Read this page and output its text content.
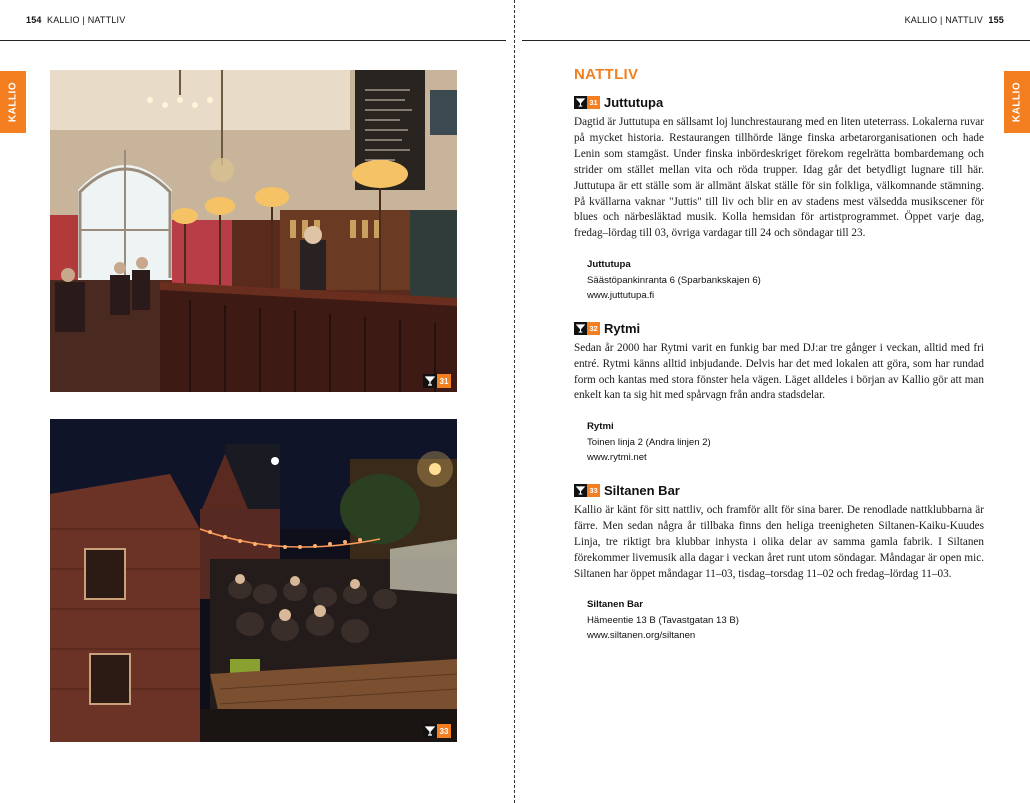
154 KALLIO | NATTLIV	KALLIO | NATTLIV 155
KALLIO	KALLIO
31
33
NATTLIV
31 Juttutupa

Dagtid är Juttutupa en sällsamt loj lunchrestaurang med en liten uteterrass. Lokalerna ruvar på mycket historia. Restaurangen tillhörde länge finska arbetarorganisationen och hade Lenin som stamgäst. Under finska inbördeskriget förekom regelrätta bombardemang och strider om stället mellan vita och röda trupper. Idag går det betydligt lugnare till här. Juttutupa är ett ställe som är allmänt älskat ställe för sin folkliga, välkomnande stämning. På kvällarna vaknar "Juttis" till liv och blir en av stadens mest välsedda musikscener för blues och närbesläktad musik. Kolla hemsidan för artistprogrammet. Öppet varje dag, fredag–lördag till 03, övriga vardagar till 24 och söndagar till 23.

Juttutupa
Säästöpankinranta 6 (Sparbankskajen 6)
www.juttutupa.fi
32 Rytmi

Sedan år 2000 har Rytmi varit en funkig bar med DJ:ar tre gånger i veckan, alltid med fri entré. Rytmi känns alltid inbjudande. Delvis har det med lokalen att göra, som har rundad form och kantas med stora fönster hela vägen. Läget alldeles i början av Kallio gör att man enkelt kan ta sig hit med spårvagn från andra stadsdelar.

Rytmi
Toinen linja 2 (Andra linjen 2)
www.rytmi.net
33 Siltanen Bar

Kallio är känt för sitt nattliv, och framför allt för sina barer. De renodlade nattklubbarna är färre. Men sedan några år tillbaka finns den heliga treenigheten Siltanen-Kaiku-Kuudes Linja, tre riktigt bra klubbar inhysta i olika delar av samma gamla fabrik. I Siltanen förekommer livemusik alla dagar i veckan året runt utom söndagar. Måndagar är open mic. Siltanen har öppet måndagar 11–03, tisdag–torsdag 11–02 och fredag–lördag 11–03.

Siltanen Bar
Hämeentie 13 B (Tavastgatan 13 B)
www.siltanen.org/siltanen
